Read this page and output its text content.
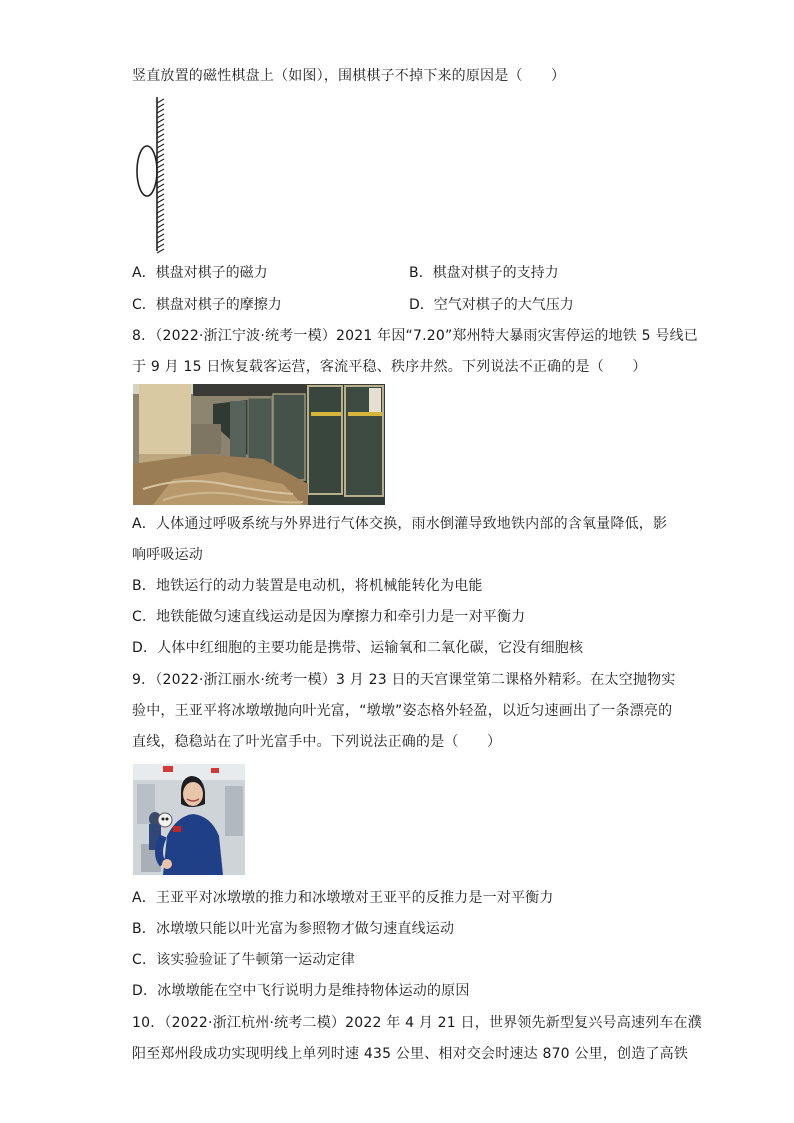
竖直放置的磁性棋盘上（如图），围棋棋子不掉下来的原因是（　　）
A．棋盘对棋子的磁力	B．棋盘对棋子的支持力
C．棋盘对棋子的摩擦力	D．空气对棋子的大气压力
8．（2022·浙江宁波·统考一模）2021 年因“7.20”郑州特大暴雨灾害停运的地铁 5 号线已
于 9 月 15 日恢复载客运营，客流平稳、秩序井然。下列说法不正确的是（　　）
A．人体通过呼吸系统与外界进行气体交换，雨水倒灌导致地铁内部的含氧量降低，影
响呼吸运动
B．地铁运行的动力装置是电动机，将机械能转化为电能
C．地铁能做匀速直线运动是因为摩擦力和牵引力是一对平衡力
D．人体中红细胞的主要功能是携带、运输氧和二氧化碳，它没有细胞核
9．（2022·浙江丽水·统考一模）3 月 23 日的天宫课堂第二课格外精彩。在太空抛物实
验中，王亚平将冰墩墩抛向叶光富，“墩墩”姿态格外轻盈，以近匀速画出了一条漂亮的
直线，稳稳站在了叶光富手中。下列说法正确的是（　　）
A．王亚平对冰墩墩的推力和冰墩墩对王亚平的反推力是一对平衡力
B．冰墩墩只能以叶光富为参照物才做匀速直线运动
C．该实验验证了牛顿第一运动定律
D．冰墩墩能在空中飞行说明力是维持物体运动的原因
10．（2022·浙江杭州·统考二模）2022 年 4 月 21 日，世界领先新型复兴号高速列车在濮
阳至郑州段成功实现明线上单列时速 435 公里、相对交会时速达 870 公里，创造了高铁
